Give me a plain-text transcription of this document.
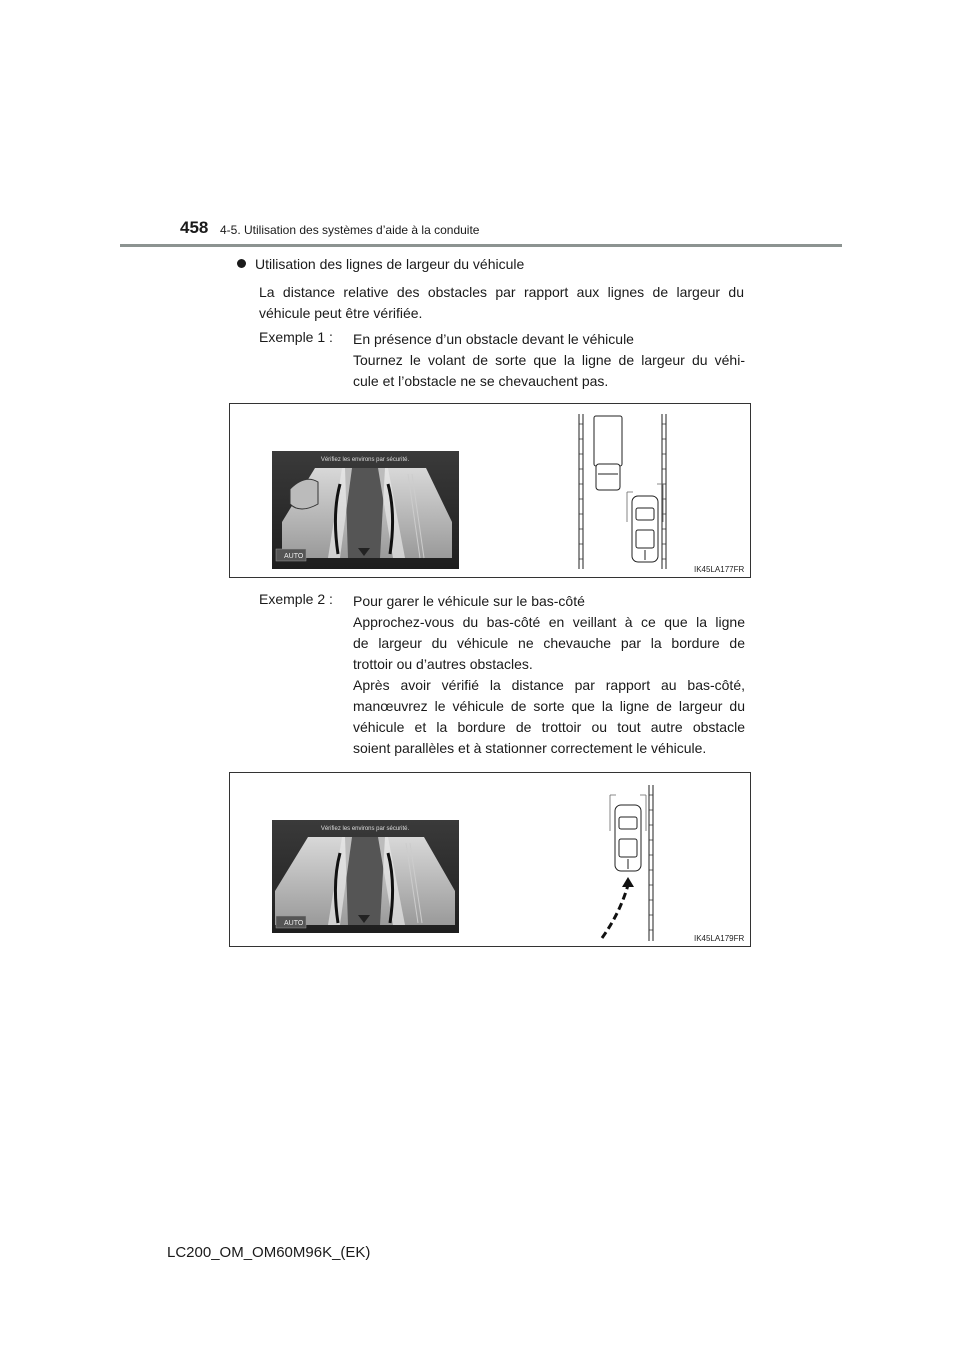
458 4-5. Utilisation des systèmes d’aide à la conduite
Utilisation des lignes de largeur du véhicule
La distance relative des obstacles par rapport aux lignes de largeur du
véhicule peut être vérifiée.
Exemple 1 : En présence d’un obstacle devant le véhicule
Tournez le volant de sorte que la ligne de largeur du véhi-
cule et l’obstacle ne se chevauchent pas.
Vérifiez les environs par sécurité.
AUTO
IK45LA177FR
Exemple 2 : Pour garer le véhicule sur le bas-côté
Approchez-vous du bas-côté en veillant à ce que la ligne
de largeur du véhicule ne chevauche par la bordure de
trottoir ou d’autres obstacles.
Après avoir vérifié la distance par rapport au bas-côté,
manœuvrez le véhicule de sorte que la ligne de largeur du
véhicule et la bordure de trottoir ou tout autre obstacle
soient parallèles et à stationner correctement le véhicule.
Vérifiez les environs par sécurité.
AUTO
IK45LA179FR
LC200_OM_OM60M96K_(EK)
